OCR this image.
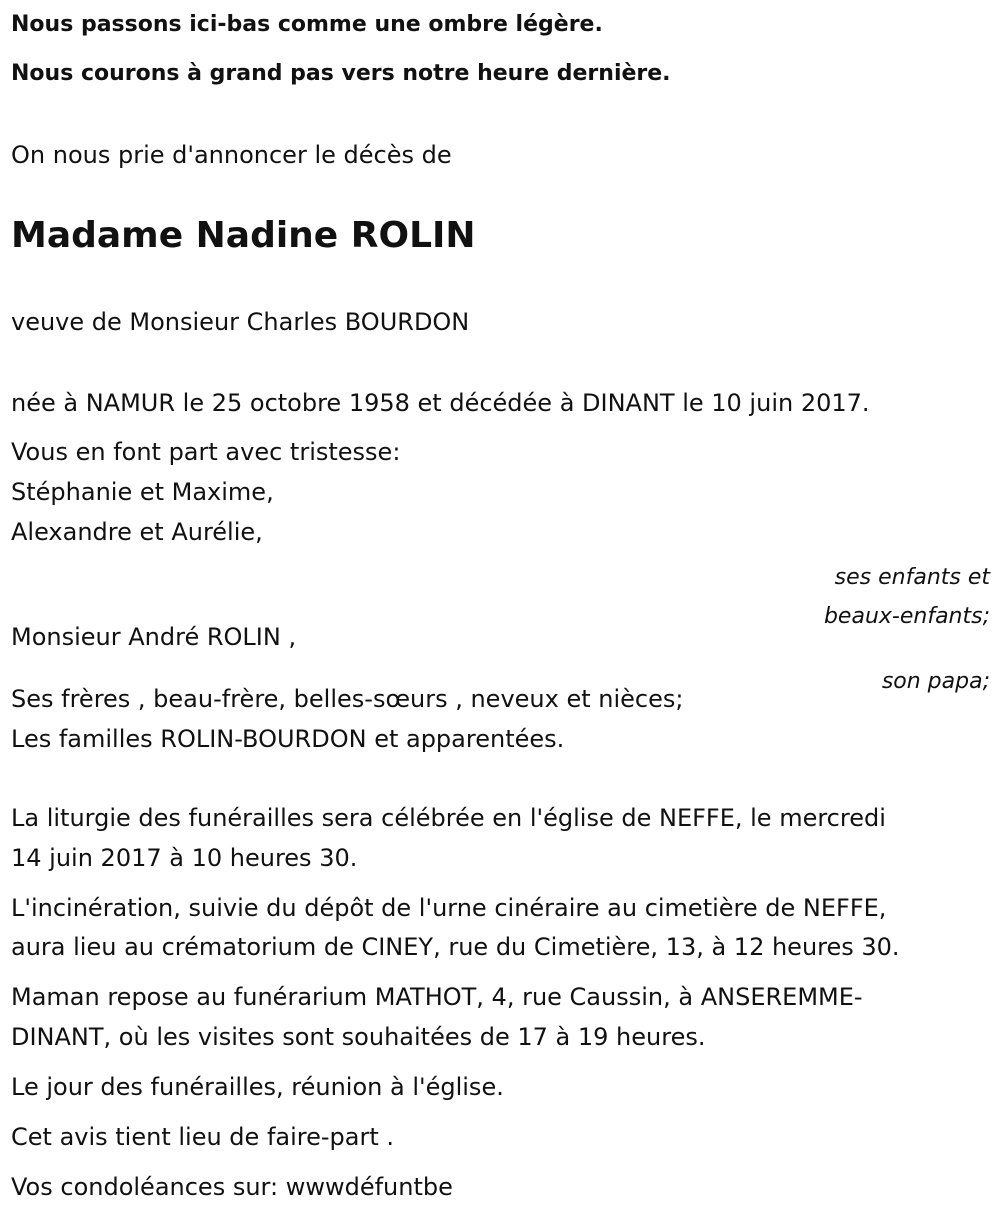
Nous passons ici-bas comme une ombre légère.

Nous courons à grand pas vers notre heure dernière.

On nous prie d'annoncer le décès de

Madame Nadine ROLIN

veuve de Monsieur Charles BOURDON

née à NAMUR le 25 octobre 1958 et décédée à DINANT le 10 juin 2017.

Vous en font part avec tristesse:

Stéphanie et Maxime,

Alexandre et Aurélie,

ses enfants et

beaux-enfants;

Monsieur André ROLIN ,

son papa;

Ses frères , beau-frère, belles-sœurs , neveux et nièces;

Les familles ROLIN-BOURDON et apparentées.

La liturgie des funérailles sera célébrée en l'église de NEFFE, le mercredi

14 juin 2017 à 10 heures 30.

L'incinération, suivie du dépôt de l'urne cinéraire au cimetière de NEFFE,

aura lieu au crématorium de CINEY, rue du Cimetière, 13, à 12 heures 30.

Maman repose au funérarium MATHOT, 4, rue Caussin, à ANSEREMME-

DINANT, où les visites sont souhaitées de 17 à 19 heures.

Le jour des funérailles, réunion à l'église.

Cet avis tient lieu de faire-part .

Vos condoléances sur: wwwdéfuntbe
